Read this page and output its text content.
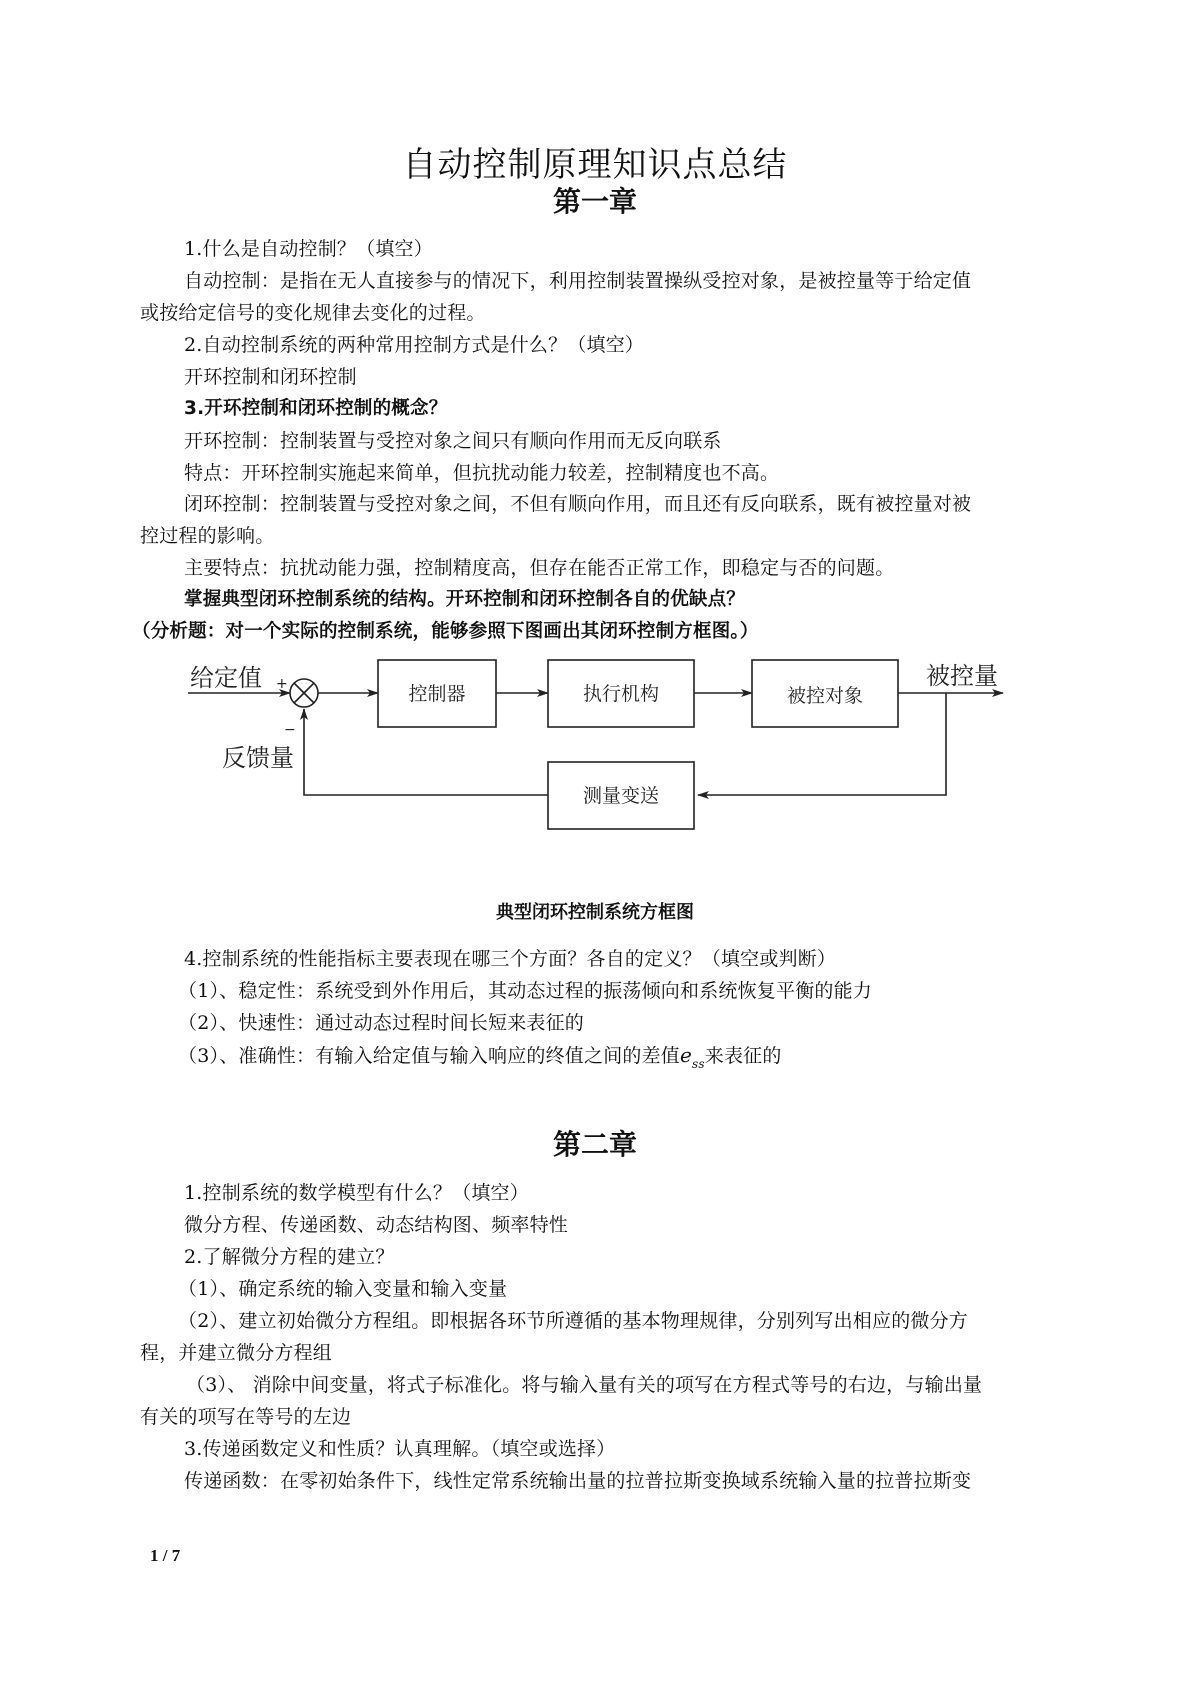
自动控制原理知识点总结
第一章
1.什么是自动控制？（填空）
自动控制：是指在无人直接参与的情况下，利用控制装置操纵受控对象，是被控量等于给定值
或按给定信号的变化规律去变化的过程。
2.自动控制系统的两种常用控制方式是什么？（填空）
开环控制和闭环控制
3.开环控制和闭环控制的概念？
开环控制：控制装置与受控对象之间只有顺向作用而无反向联系
特点：开环控制实施起来简单，但抗扰动能力较差，控制精度也不高。
闭环控制：控制装置与受控对象之间，不但有顺向作用，而且还有反向联系，既有被控量对被
控过程的影响。
主要特点：抗扰动能力强，控制精度高，但存在能否正常工作，即稳定与否的问题。
掌握典型闭环控制系统的结构。开环控制和闭环控制各自的优缺点？
（分析题：对一个实际的控制系统，能够参照下图画出其闭环控制方框图。）
给定值 +
−
反馈量
被控量
控制器	执行机构	被控对象
测量变送
典型闭环控制系统方框图
4.控制系统的性能指标主要表现在哪三个方面？各自的定义？（填空或判断）
（1）、稳定性：系统受到外作用后，其动态过程的振荡倾向和系统恢复平衡的能力
（2）、快速性：通过动态过程时间长短来表征的
（3）、准确性：有输入给定值与输入响应的终值之间的差值$e_{ss}$来表征的
第二章
1.控制系统的数学模型有什么？（填空）
微分方程、传递函数、动态结构图、频率特性
2.了解微分方程的建立？
（1）、确定系统的输入变量和输入变量
（2）、建立初始微分方程组。即根据各环节所遵循的基本物理规律，分别列写出相应的微分方
程，并建立微分方程组
（3）、 消除中间变量，将式子标准化。将与输入量有关的项写在方程式等号的右边，与输出量
有关的项写在等号的左边
3.传递函数定义和性质？认真理解。（填空或选择）
传递函数：在零初始条件下，线性定常系统输出量的拉普拉斯变换域系统输入量的拉普拉斯变
1 / 7
